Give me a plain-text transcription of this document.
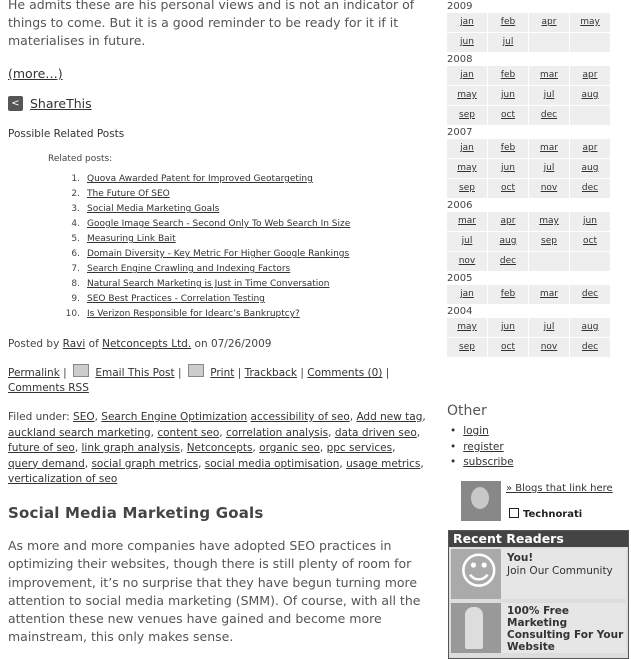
He admits these are his personal views and is not an indicator of things to come. But it is a good reminder to be ready for it if it materialises in future.

(more…)
< ShareThis
Possible Related Posts
Related posts:
1. Quova Awarded Patent for Improved Geotargeting
2. The Future Of SEO
3. Social Media Marketing Goals
4. Google Image Search - Second Only To Web Search In Size
5. Measuring Link Bait
6. Domain Diversity - Key Metric For Higher Google Rankings
7. Search Engine Crawling and Indexing Factors
8. Natural Search Marketing is Just in Time Conversation
9. SEO Best Practices - Correlation Testing
10. Is Verizon Responsible for Idearc’s Bankruptcy?
Posted by Ravi of Netconcepts Ltd. on 07/26/2009
Permalink |	Email This Post |	Print | Trackback | Comments (0) | Comments RSS
Filed under: SEO, Search Engine Optimization accessibility of seo, Add new tag, auckland search marketing, content seo, correlation analysis, data driven seo, future of seo, link graph analysis, Netconcepts, organic seo, ppc services, query demand, social graph metrics, social media optimisation, usage metrics, verticalization of seo
Social Media Marketing Goals
As more and more companies have adopted SEO practices in optimizing their websites, though there is still plenty of room for improvement, it’s no surprise that they have begun turning more attention to social media marketing (SMM). Of course, with all the attention these new venues have gained and become more mainstream, this only makes sense.
2009
jan	feb	apr	may
jun	jul
2008
jan	feb	mar	apr
may	jun	jul	aug
sep	oct	dec
2007
jan	feb	mar	apr
may	jun	jul	aug
sep	oct	nov	dec
2006
mar	apr	may	jun
jul	aug	sep	oct
nov	dec
2005
jan	feb	mar	dec
2004
may	jun	jul	aug
sep	oct	nov	dec
Other
• login
• register
• subscribe
» Blogs that link here
Technorati
Recent Readers
☺
You!
Join Our Community
100% Free Marketing Consulting For Your Website
